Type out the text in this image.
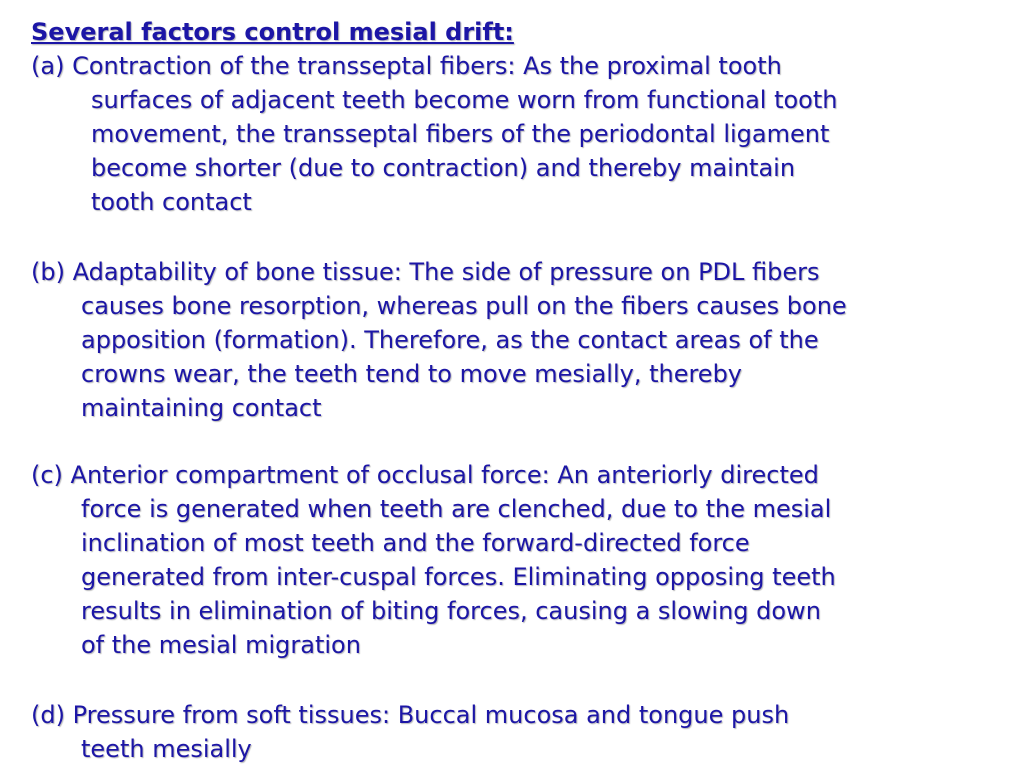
Several factors control mesial drift:
(a) Contraction of the transseptal fibers: As the proximal tooth
surfaces of adjacent teeth become worn from functional tooth
movement, the transseptal fibers of the periodontal ligament
become shorter (due to contraction) and thereby maintain
tooth contact
(b) Adaptability of bone tissue: The side of pressure on PDL fibers
causes bone resorption, whereas pull on the fibers causes bone
apposition (formation). Therefore, as the contact areas of the
crowns wear, the teeth tend to move mesially, thereby
maintaining contact
(c) Anterior compartment of occlusal force: An anteriorly directed
force is generated when teeth are clenched, due to the mesial
inclination of most teeth and the forward-directed force
generated from inter-cuspal forces. Eliminating opposing teeth
results in elimination of biting forces, causing a slowing down
of the mesial migration
(d) Pressure from soft tissues: Buccal mucosa and tongue push
teeth mesially
